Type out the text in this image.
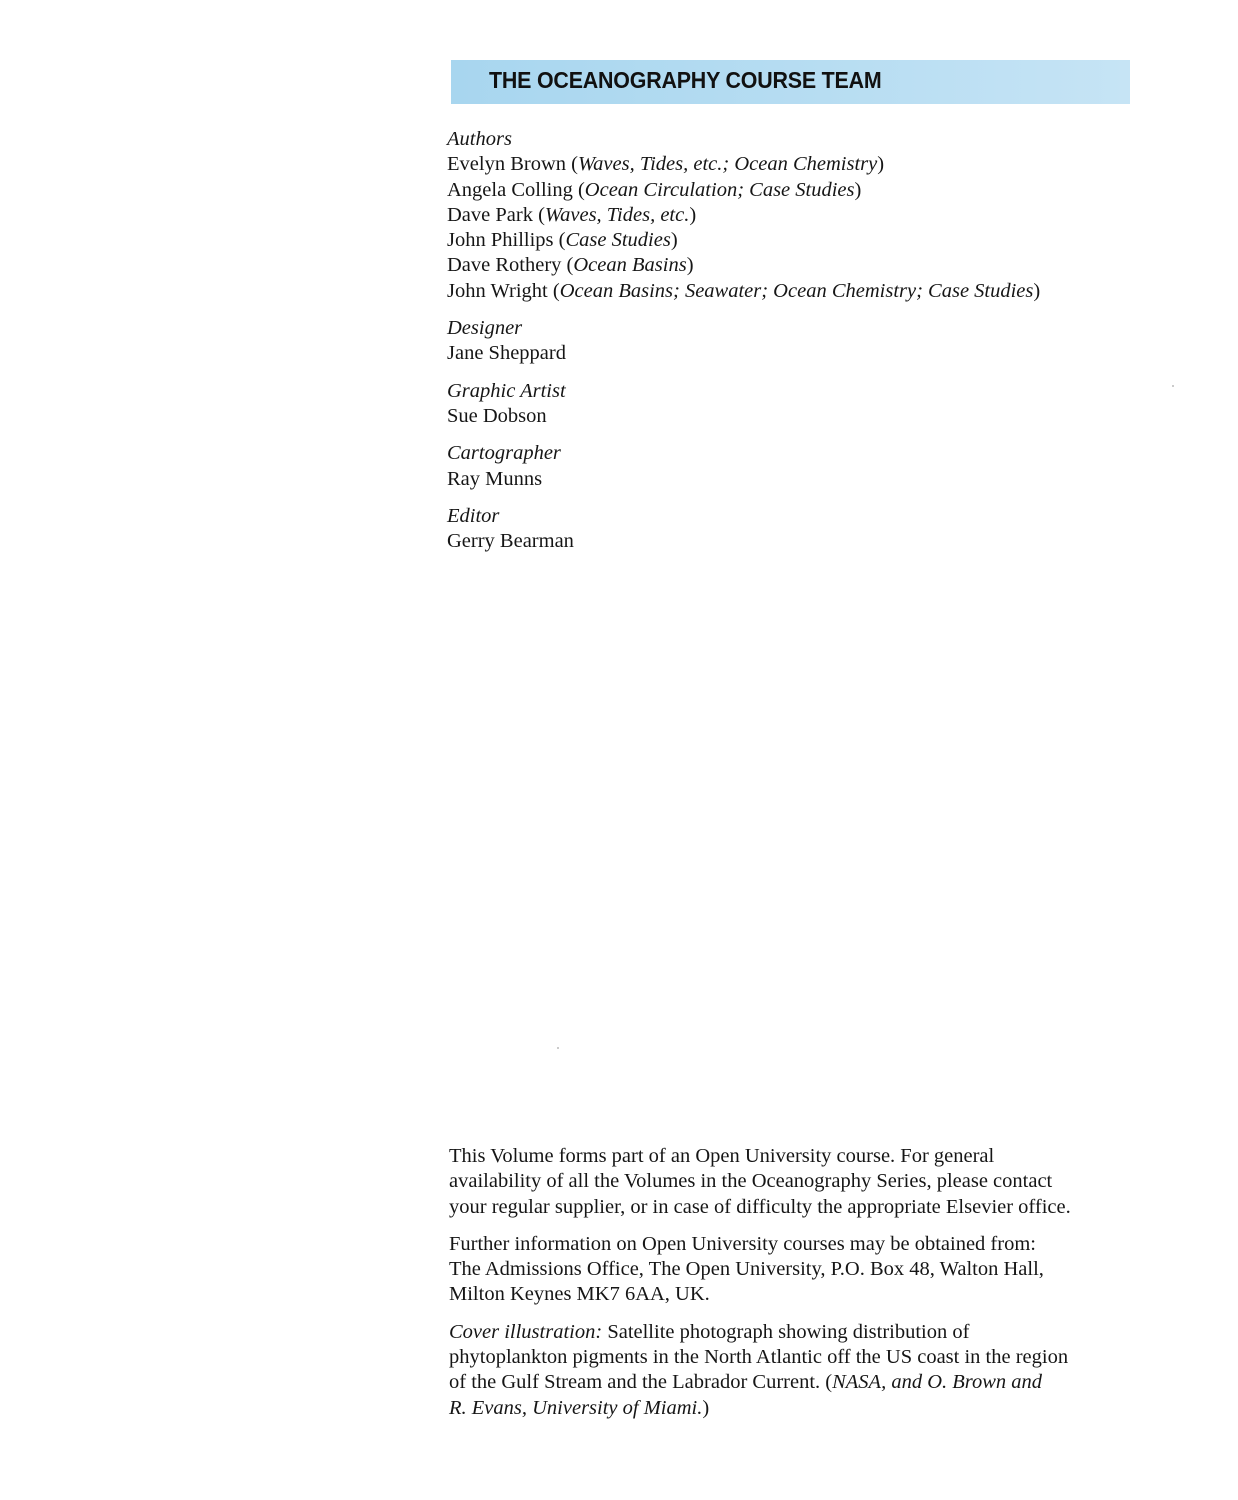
THE OCEANOGRAPHY COURSE TEAM
Authors
Evelyn Brown (Waves, Tides, etc.; Ocean Chemistry)
Angela Colling (Ocean Circulation; Case Studies)
Dave Park (Waves, Tides, etc.)
John Phillips (Case Studies)
Dave Rothery (Ocean Basins)
John Wright (Ocean Basins; Seawater; Ocean Chemistry; Case Studies)
Designer
Jane Sheppard
Graphic Artist
Sue Dobson
Cartographer
Ray Munns
Editor
Gerry Bearman

This Volume forms part of an Open University course. For general
availability of all the Volumes in the Oceanography Series, please contact
your regular supplier, or in case of difficulty the appropriate Elsevier office.

Further information on Open University courses may be obtained from:
The Admissions Office, The Open University, P.O. Box 48, Walton Hall,
Milton Keynes MK7 6AA, UK.

Cover illustration: Satellite photograph showing distribution of
phytoplankton pigments in the North Atlantic off the US coast in the region
of the Gulf Stream and the Labrador Current. (NASA, and O. Brown and
R. Evans, University of Miami.)
